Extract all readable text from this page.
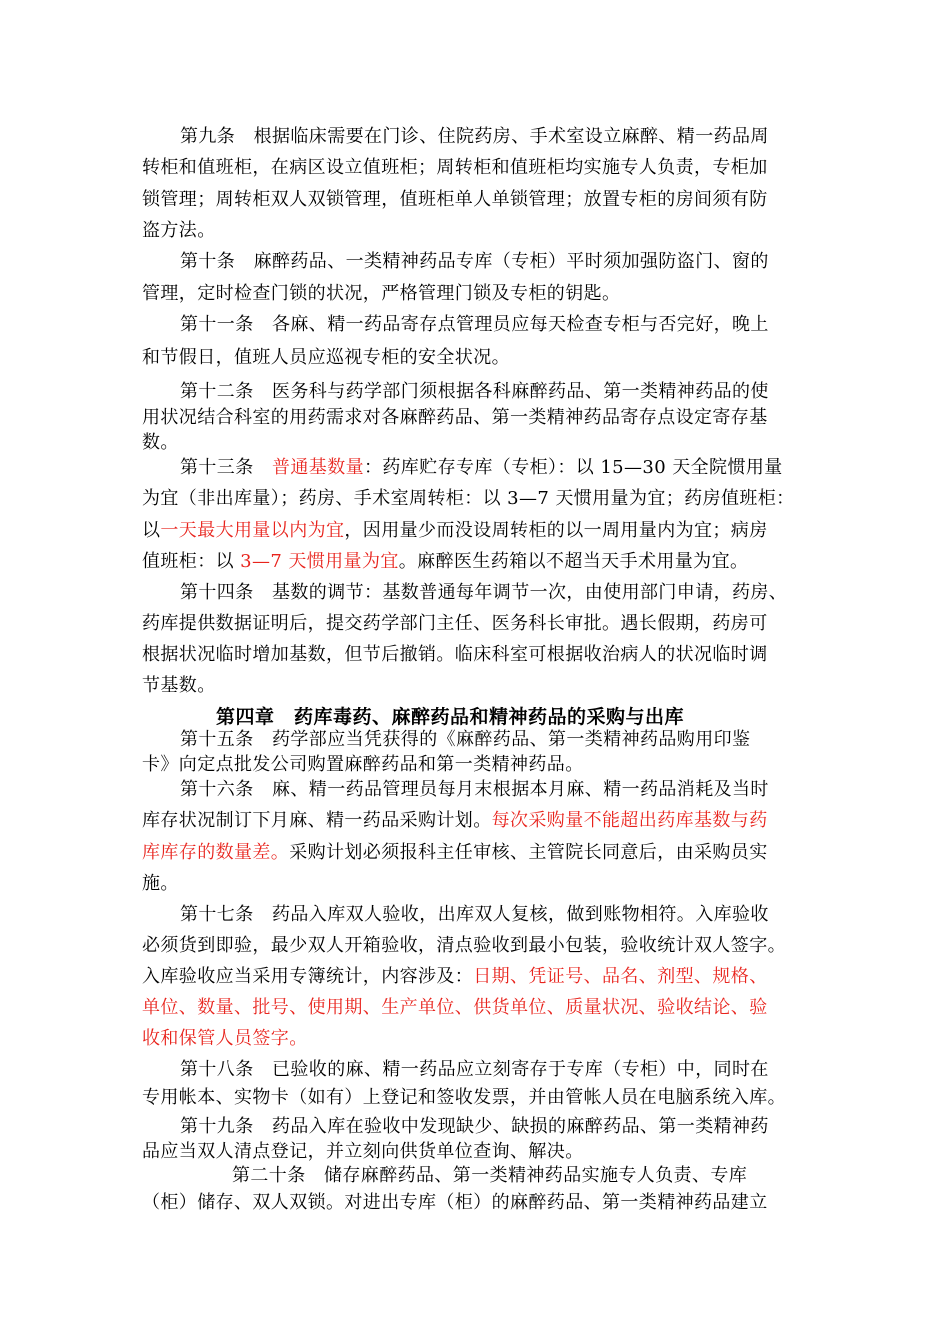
第九条　根据临床需要在门诊、住院药房、手术室设立麻醉、精一药品周
转柜和值班柜，在病区设立值班柜；周转柜和值班柜均实施专人负责，专柜加
锁管理；周转柜双人双锁管理，值班柜单人单锁管理；放置专柜的房间须有防
盗方法。
第十条　麻醉药品、一类精神药品专库（专柜）平时须加强防盗门、窗的
管理，定时检查门锁的状况，严格管理门锁及专柜的钥匙。
第十一条　各麻、精一药品寄存点管理员应每天检查专柜与否完好，晚上
和节假日，值班人员应巡视专柜的安全状况。
第十二条　医务科与药学部门须根据各科麻醉药品、第一类精神药品的使
用状况结合科室的用药需求对各麻醉药品、第一类精神药品寄存点设定寄存基
数。
第十三条　普通基数量：药库贮存专库（专柜）：以 15—30 天全院惯用量
为宜（非出库量）；药房、手术室周转柜：以 3—7 天惯用量为宜；药房值班柜：
以一天最大用量以内为宜，因用量少而没设周转柜的以一周用量内为宜；病房
值班柜：以 3—7 天惯用量为宜。麻醉医生药箱以不超当天手术用量为宜。
第十四条　基数的调节：基数普通每年调节一次，由使用部门申请，药房、
药库提供数据证明后，提交药学部门主任、医务科长审批。遇长假期，药房可
根据状况临时增加基数，但节后撤销。临床科室可根据收治病人的状况临时调
节基数。
第四章　药库毒药、麻醉药品和精神药品的采购与出库
第十五条　药学部应当凭获得的《麻醉药品、第一类精神药品购用印鉴
卡》向定点批发公司购置麻醉药品和第一类精神药品。
第十六条　麻、精一药品管理员每月末根据本月麻、精一药品消耗及当时
库存状况制订下月麻、精一药品采购计划。每次采购量不能超出药库基数与药
库库存的数量差。采购计划必须报科主任审核、主管院长同意后，由采购员实
施。
第十七条　药品入库双人验收，出库双人复核，做到账物相符。入库验收
必须货到即验，最少双人开箱验收，清点验收到最小包装，验收统计双人签字。
入库验收应当采用专簿统计，内容涉及：日期、凭证号、品名、剂型、规格、
单位、数量、批号、使用期、生产单位、供货单位、质量状况、验收结论、验
收和保管人员签字。
第十八条　已验收的麻、精一药品应立刻寄存于专库（专柜）中，同时在
专用帐本、实物卡（如有）上登记和签收发票，并由管帐人员在电脑系统入库。
第十九条　药品入库在验收中发现缺少、缺损的麻醉药品、第一类精神药
品应当双人清点登记，并立刻向供货单位查询、解决。
第二十条　储存麻醉药品、第一类精神药品实施专人负责、专库
（柜）储存、双人双锁。对进出专库（柜）的麻醉药品、第一类精神药品建立
